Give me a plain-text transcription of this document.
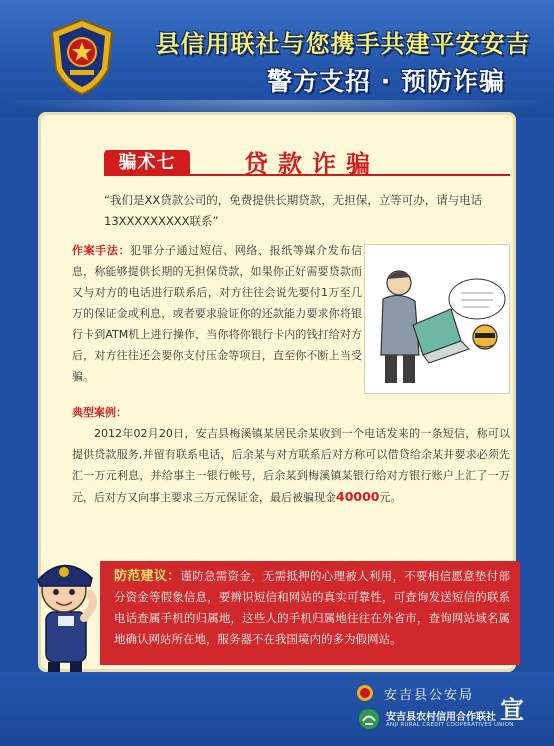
县信用联社与您携手共建平安安吉
警方支招 · 预防诈骗
骗术七	贷款诈骗
“我们是XX贷款公司的，免费提供长期贷款，无担保，立等可办，请与电话13XXXXXXXXX联系”
作案手法：犯罪分子通过短信、网络、报纸等媒介发布信息，称能够提供长期的无担保贷款，如果你正好需要贷款而又与对方的电话进行联系后，对方往往会说先要付1万至几万的保证金或利息，或者要求验证你的还款能力要求你将银行卡到ATM机上进行操作，当你将你银行卡内的钱打给对方后，对方往往还会要你支付压金等项目，直至你不断上当受骗。

典型案例：

  2012年02月20日，安吉县梅溪镇某居民余某收到一个电话发来的一条短信，称可以提供贷款服务,并留有联系电话，后余某与对方联系后对方称可以借贷给余某并要求必须先汇一万元利息，并给事主一银行帐号，后余某到梅溪镇某银行给对方银行账户上汇了一万元，后对方又向事主要求三万元保证金，最后被骗现金40000元。

防范建议：谨防急需资金，无需抵押的心理被人利用，不要相信愿意垫付部分资金等假象信息，要辨识短信和网站的真实可靠性，可查询发送短信的联系电话查属手机的归属地，这些人的手机归属地往往在外省市，查询网站域名属地确认网站所在地，服务器不在我国境内的多为假网站。
安吉县公安局
安吉县农村信用合作联社
ANJI RURAL CREDIT COOPERATIVES UNION
宣
